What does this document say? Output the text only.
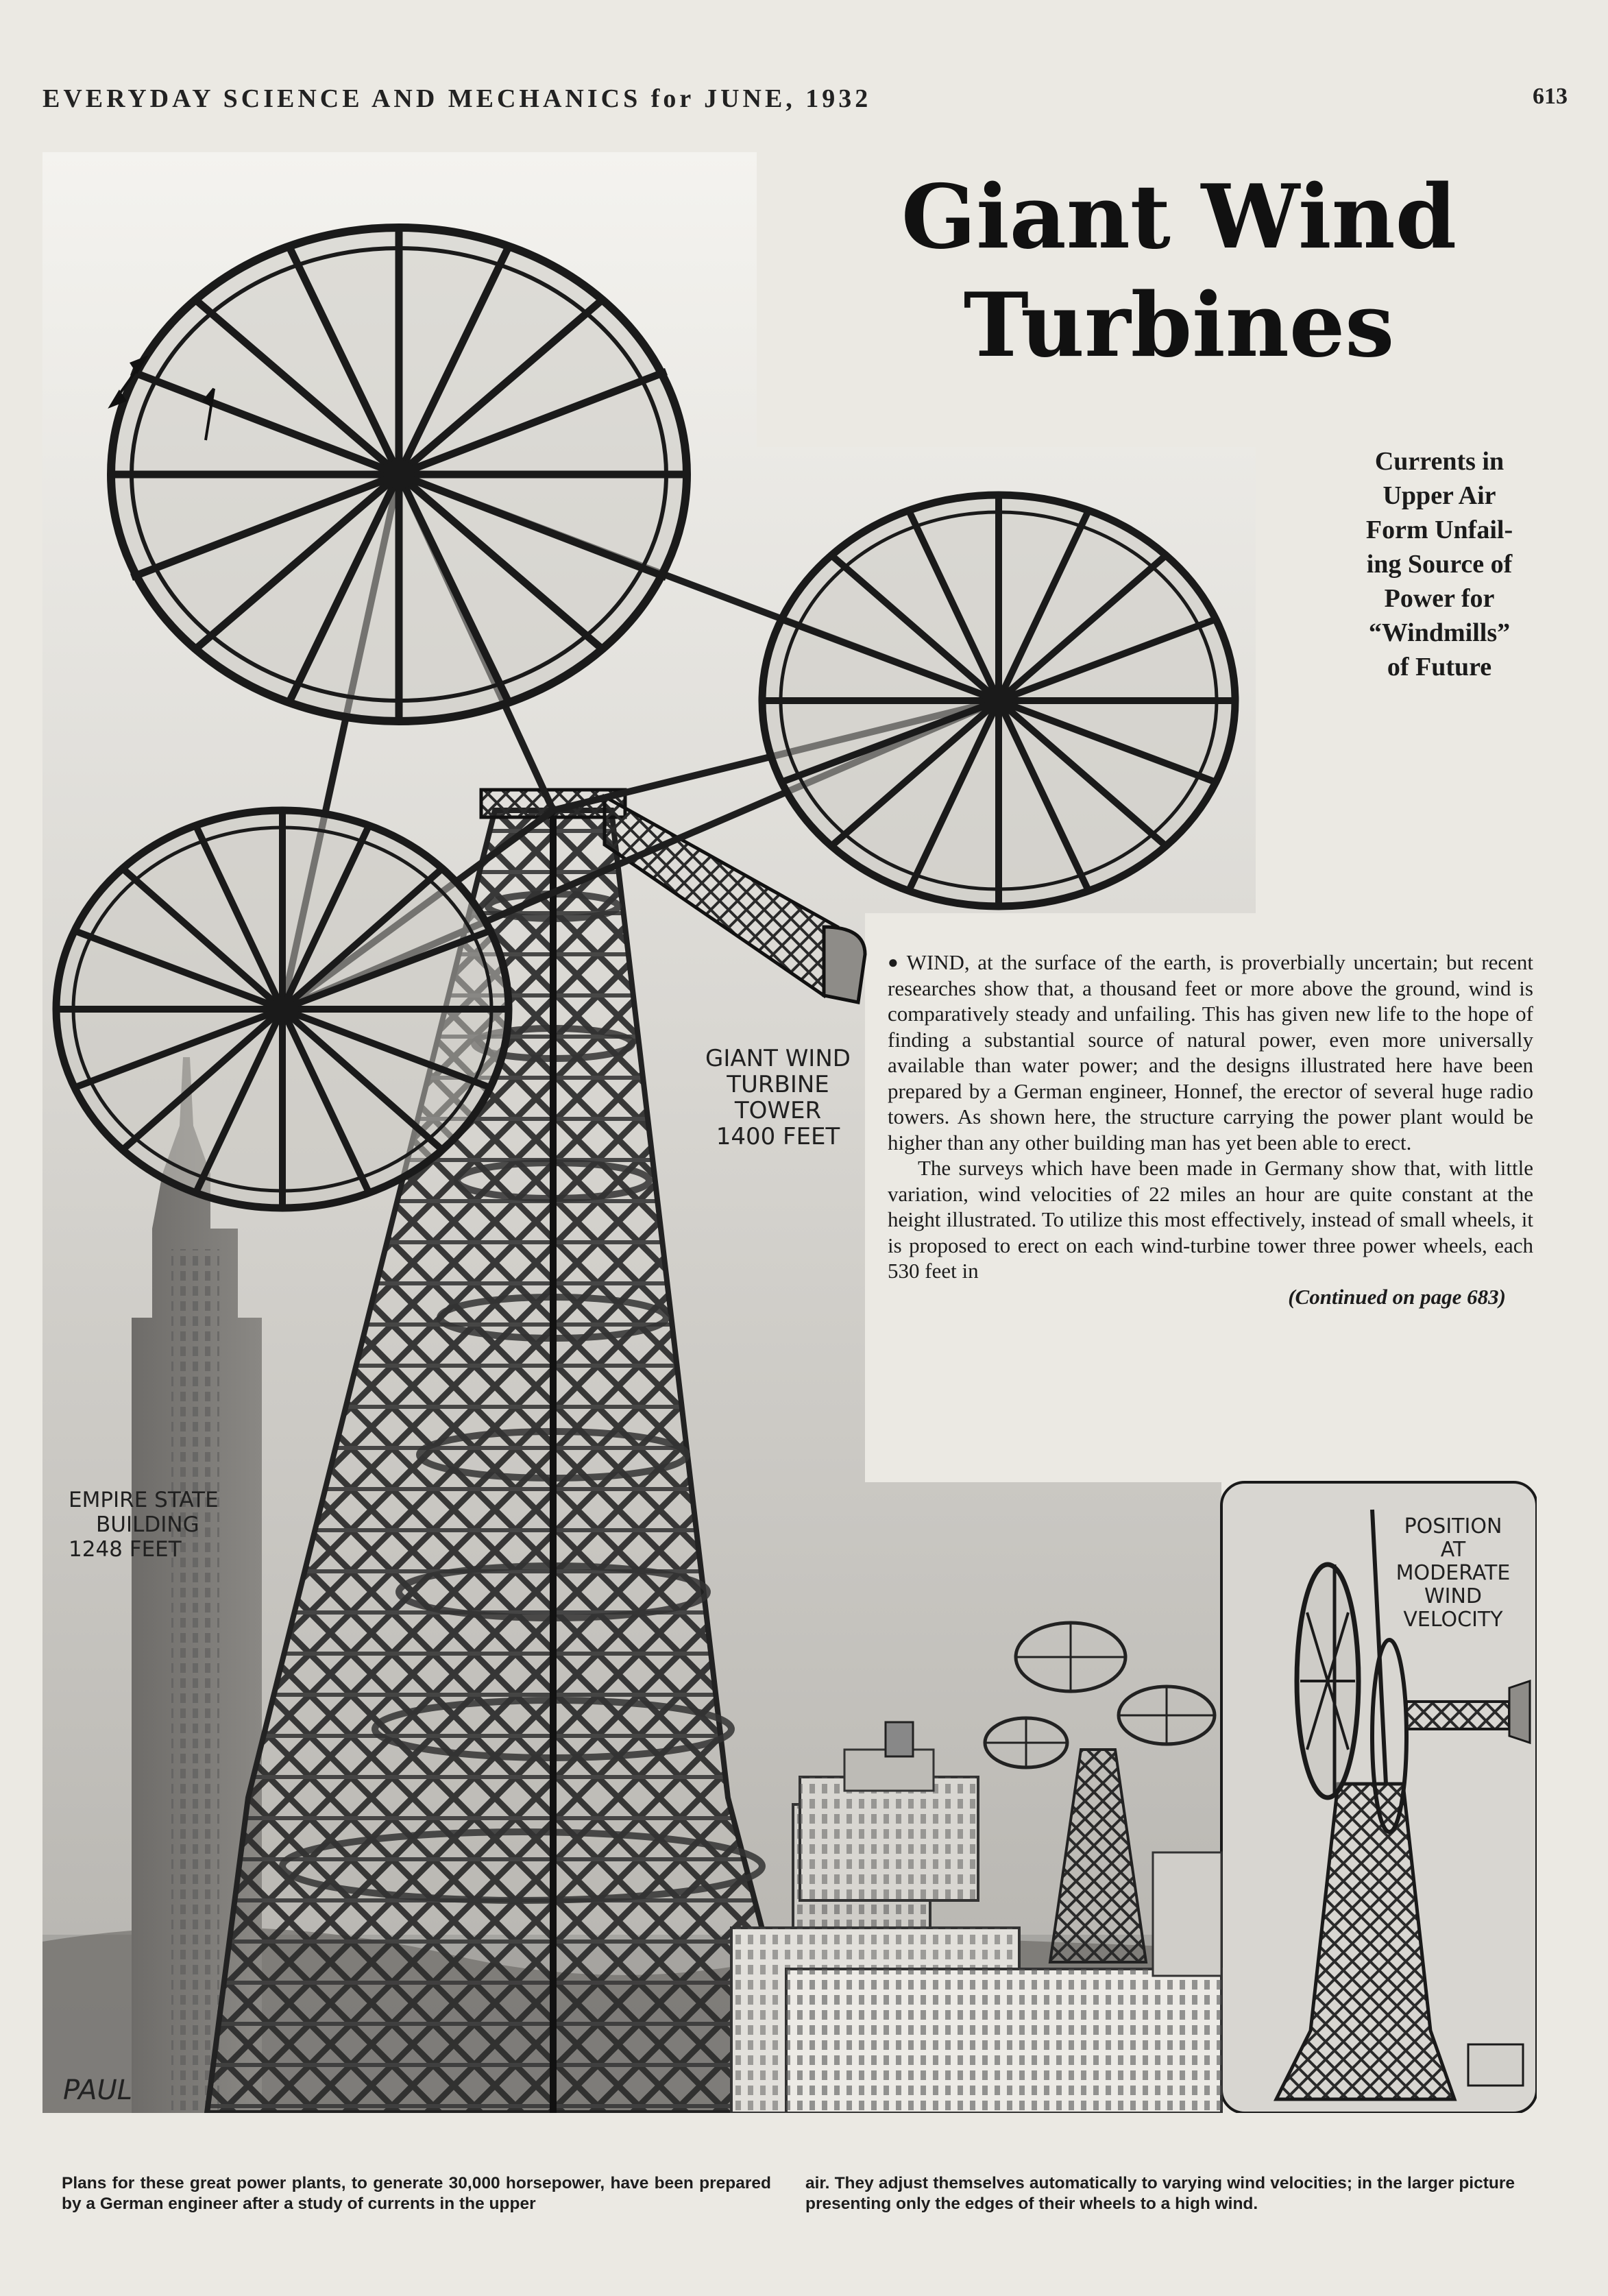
EVERYDAY SCIENCE AND MECHANICS for JUNE, 1932	613
PAUL
Giant Wind
Turbines
Currents in
Upper Air
Form Unfail-
ing Source of
Power for
“Windmills”
of Future

● WIND, at the surface of the earth, is proverbially uncertain; but recent researches show that, a thousand feet or more above the ground, wind is comparatively steady and unfailing. This has given new life to the hope of finding a substantial source of natural power, even more universally available than water power; and the designs illustrated here have been prepared by a German engineer, Honnef, the erector of several huge radio towers. As shown here, the structure carrying the power plant would be higher than any other building man has yet been able to erect.

The surveys which have been made in Germany show that, with little variation, wind velocities of 22 miles an hour are quite constant at the height illustrated. To utilize this most effectively, instead of small wheels, it is proposed to erect on each wind-turbine tower three power wheels, each 530 feet in

(Continued on page 683)
GIANT WIND
TURBINE
TOWER
1400 FEET
EMPIRE STATE
BUILDING
1248 FEET
POSITION
AT
MODERATE
WIND
VELOCITY
Plans for these great power plants, to generate 30,000 horsepower, have been prepared by a German engineer after a study of currents in the upper
air. They adjust themselves automatically to varying wind velocities; in the larger picture presenting only the edges of their wheels to a high wind.
